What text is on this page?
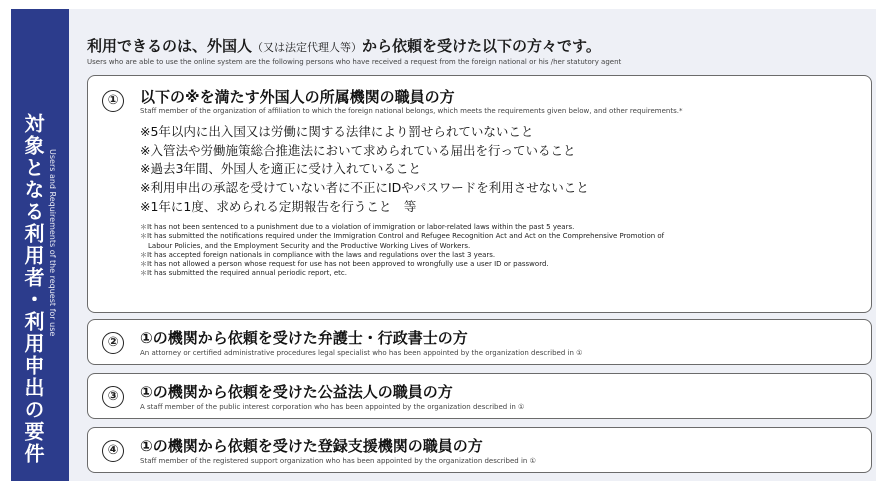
対象となる利用者・利用申出の要件 Users and Requirements of the request for use
利用できるのは、外国人（又は法定代理人等）から依頼を受けた以下の方々です。
Users who are able to use the online system are the following persons who have received a request from the foreign national or his /her statutory agent
①	以下の※を満たす外国人の所属機関の職員の方
Staff member of the organization of affiliation to which the foreign national belongs, which meets the requirements given below, and other requirements.*
※5年以内に出入国又は労働に関する法律により罰せられていないこと
※入管法や労働施策総合推進法において求められている届出を行っていること
※過去3年間、外国人を適正に受け入れていること
※利用申出の承認を受けていない者に不正にIDやパスワードを利用させないこと
※1年に1度、求められる定期報告を行うこと　等
＊It has not been sentenced to a punishment due to a violation of immigration or labor-related laws within the past 5 years.
＊It has submitted the notifications required under the Immigration Control and Refugee Recognition Act and Act on the Comprehensive Promotion of
Labour Policies, and the Employment Security and the Productive Working Lives of Workers.
＊It has accepted foreign nationals in compliance with the laws and regulations over the last 3 years.
＊It has not allowed a person whose request for use has not been approved to wrongfully use a user ID or password.
＊It has submitted the required annual periodic report, etc.
②	①の機関から依頼を受けた弁護士・行政書士の方
An attorney or certified administrative procedures legal specialist who has been appointed by the organization described in ①
③	①の機関から依頼を受けた公益法人の職員の方
A staff member of the public interest corporation who has been appointed by the organization described in ①
④	①の機関から依頼を受けた登録支援機関の職員の方
Staff member of the registered support organization who has been appointed by the organization described in ①
